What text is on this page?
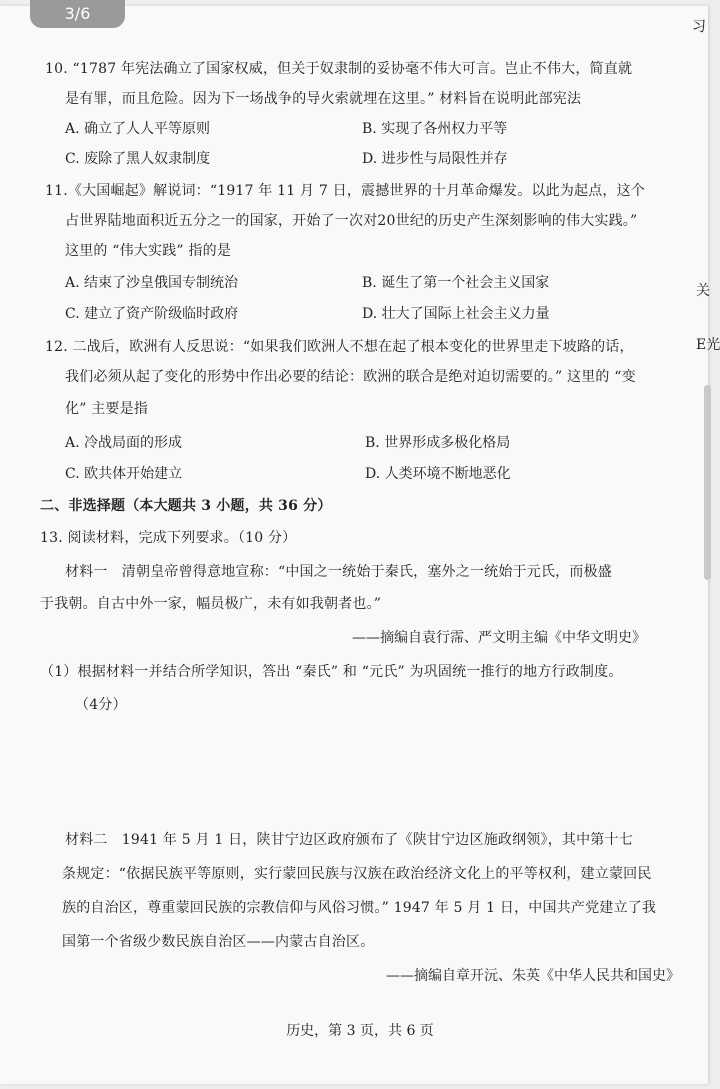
3/6
10. “1787 年宪法确立了国家权威，但关于奴隶制的妥协毫不伟大可言。岂止不伟大，简直就
是有罪，而且危险。因为下一场战争的导火索就埋在这里。” 材料旨在说明此部宪法
A. 确立了人人平等原则	B. 实现了各州权力平等
C. 废除了黑人奴隶制度	D. 进步性与局限性并存
11.《大国崛起》解说词：“1917 年 11 月 7 日，震撼世界的十月革命爆发。以此为起点，这个
占世界陆地面积近五分之一的国家，开始了一次对20世纪的历史产生深刻影响的伟大实践。”
这里的 “伟大实践” 指的是
A. 结束了沙皇俄国专制统治	B. 诞生了第一个社会主义国家
C. 建立了资产阶级临时政府	D. 壮大了国际上社会主义力量
12. 二战后，欧洲有人反思说：“如果我们欧洲人不想在起了根本变化的世界里走下坡路的话，
我们必须从起了变化的形势中作出必要的结论：欧洲的联合是绝对迫切需要的。” 这里的 “变
化” 主要是指
A. 冷战局面的形成	B. 世界形成多极化格局
C. 欧共体开始建立	D. 人类环境不断地恶化
二、非选择题（本大题共 3 小题，共 36 分）
13. 阅读材料，完成下列要求。（10 分）
材料一　清朝皇帝曾得意地宣称：“中国之一统始于秦氏，塞外之一统始于元氏，而极盛
于我朝。自古中外一家，幅员极广，未有如我朝者也。”
——摘编自袁行霈、严文明主编《中华文明史》
（1）根据材料一并结合所学知识，答出 “秦氏” 和 “元氏” 为巩固统一推行的地方行政制度。
（4分）
材料二　1941 年 5 月 1 日，陕甘宁边区政府颁布了《陕甘宁边区施政纲领》，其中第十七
条规定：“依据民族平等原则，实行蒙回民族与汉族在政治经济文化上的平等权利，建立蒙回民
族的自治区，尊重蒙回民族的宗教信仰与风俗习惯。” 1947 年 5 月 1 日，中国共产党建立了我
国第一个省级少数民族自治区——内蒙古自治区。
——摘编自章开沅、朱英《中华人民共和国史》
历史，第 3 页，共 6 页
习
关
E光
